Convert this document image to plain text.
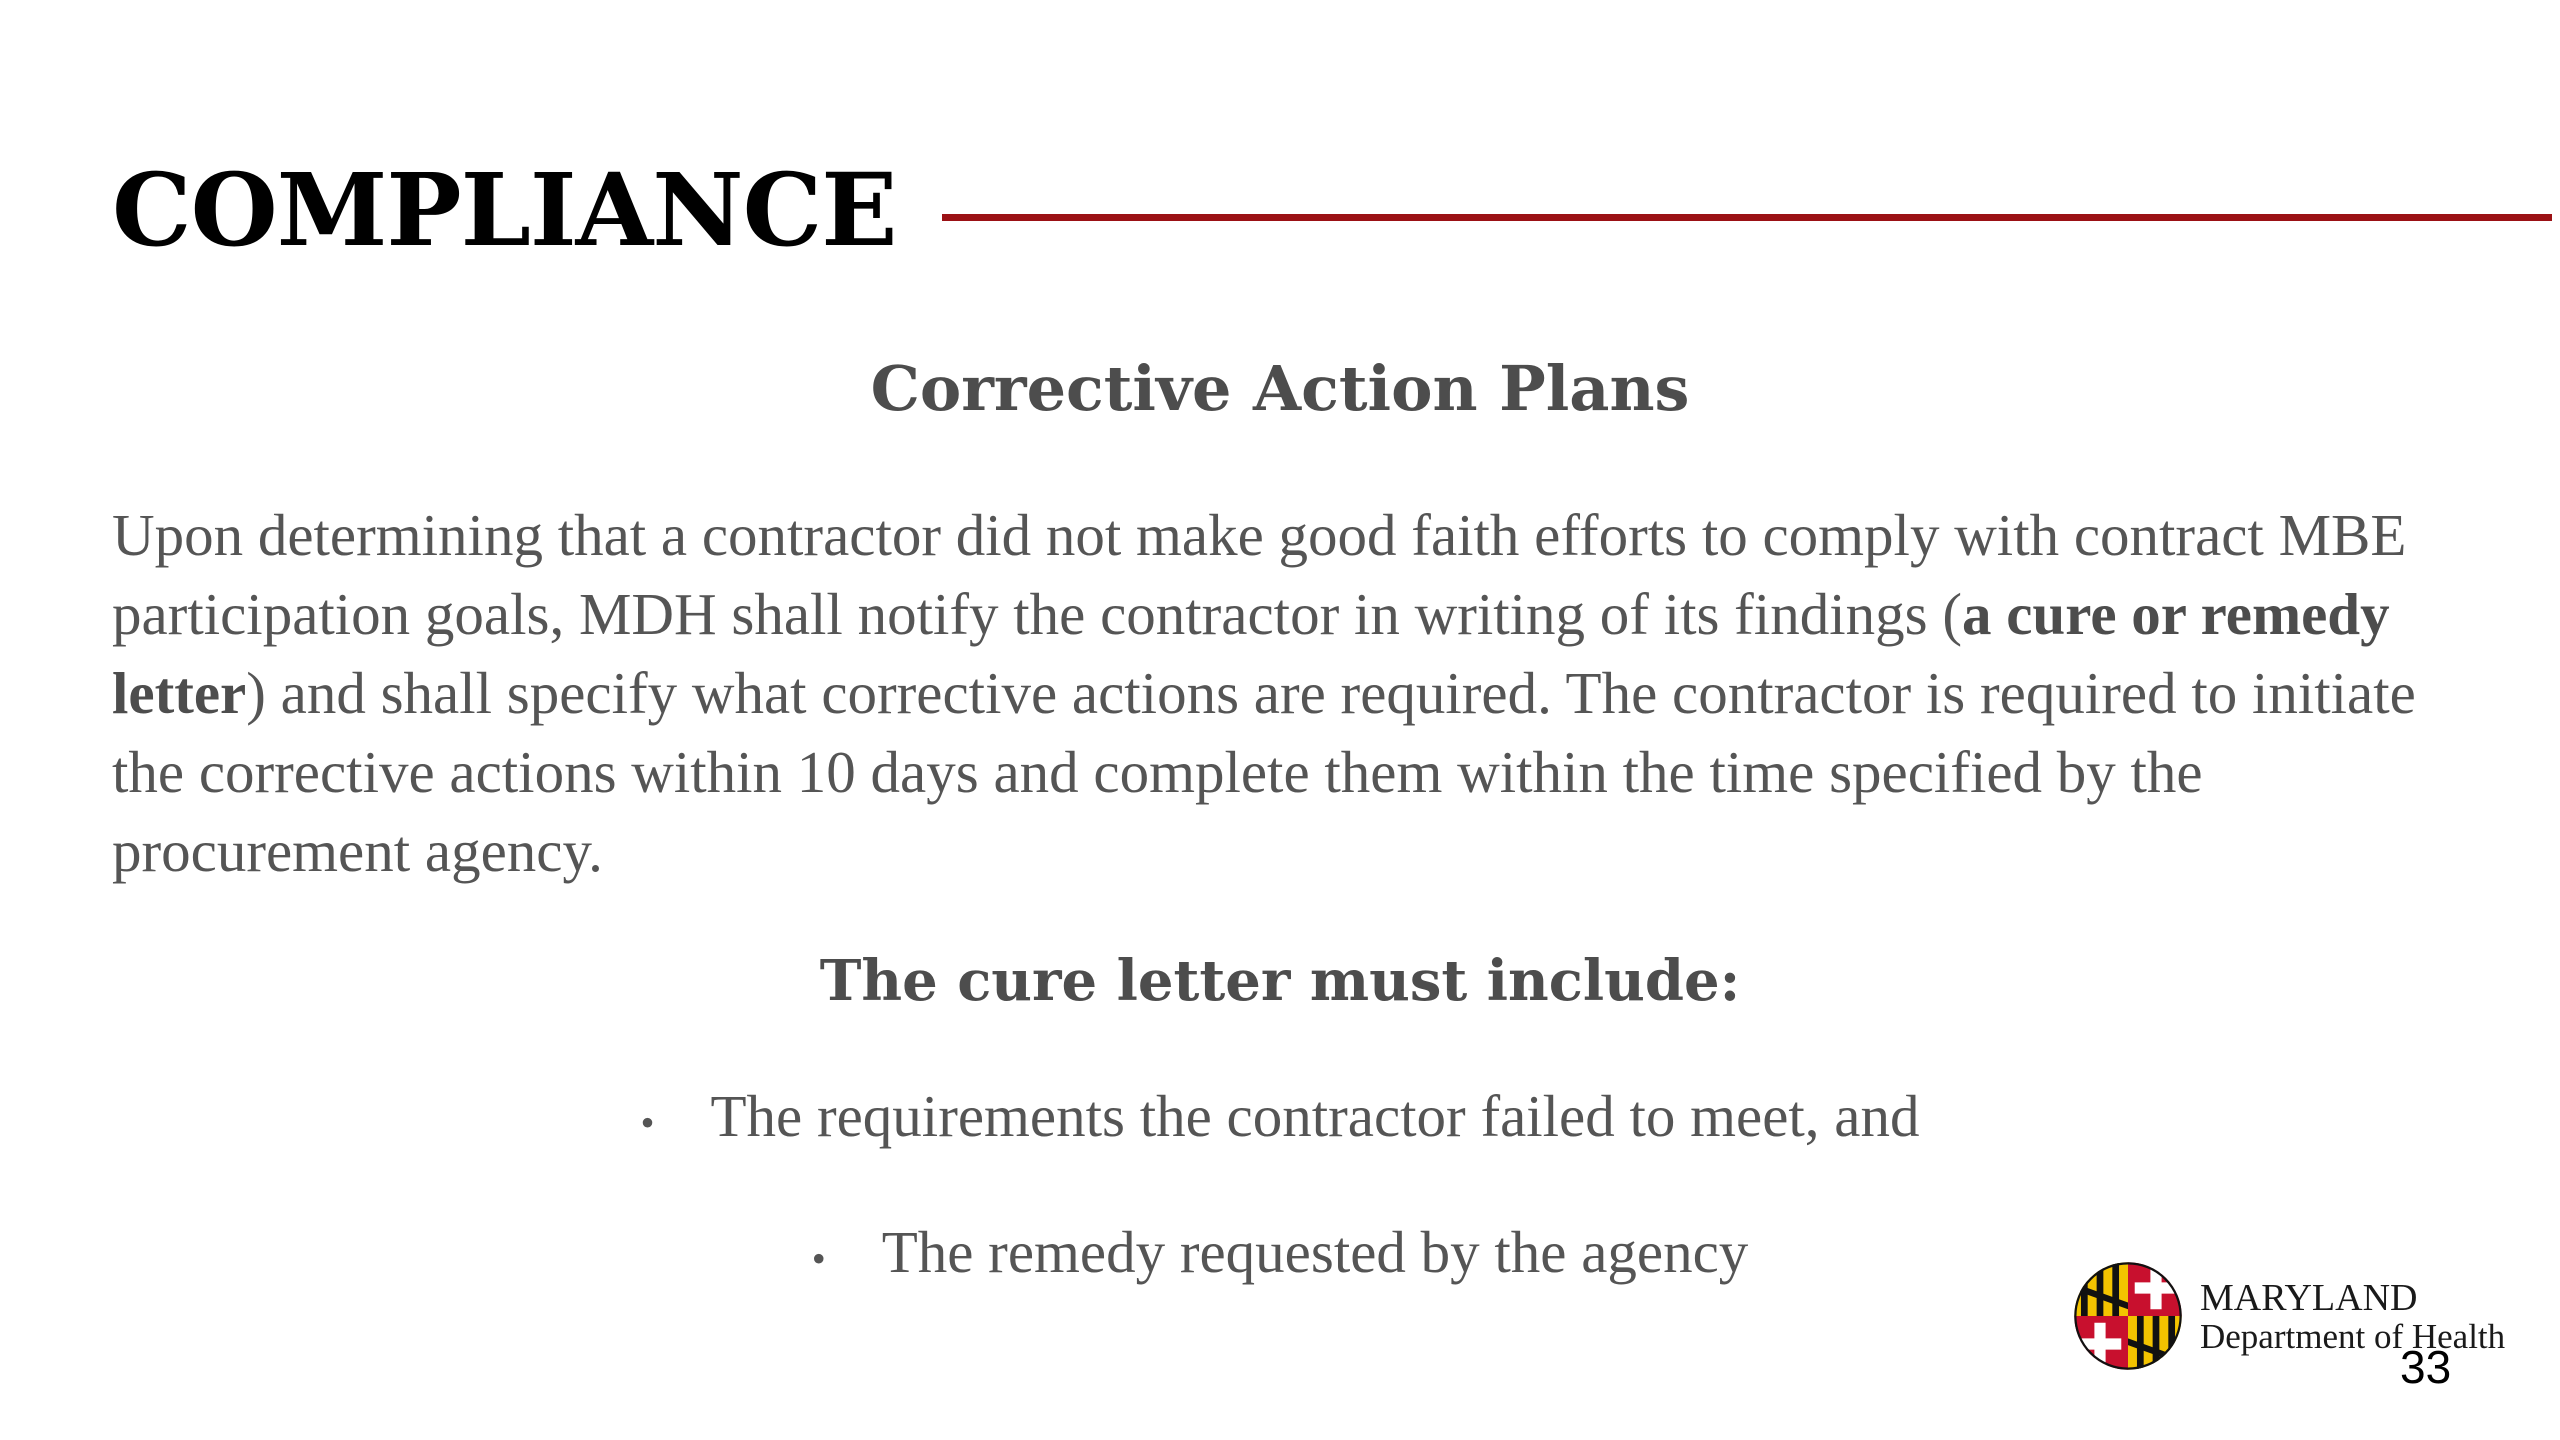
COMPLIANCE
Corrective Action Plans

Upon determining that a contractor did not make good faith efforts to comply with contract MBE participation goals, MDH shall notify the contractor in writing of its findings (a cure or remedy letter) and shall specify what corrective actions are required. The contractor is required to initiate the corrective actions within 10 days and complete them within the time specified by the procurement agency.

The cure letter must include:
• The requirements the contractor failed to meet, and
• The remedy requested by the agency
MARYLAND
Department of Health
33
